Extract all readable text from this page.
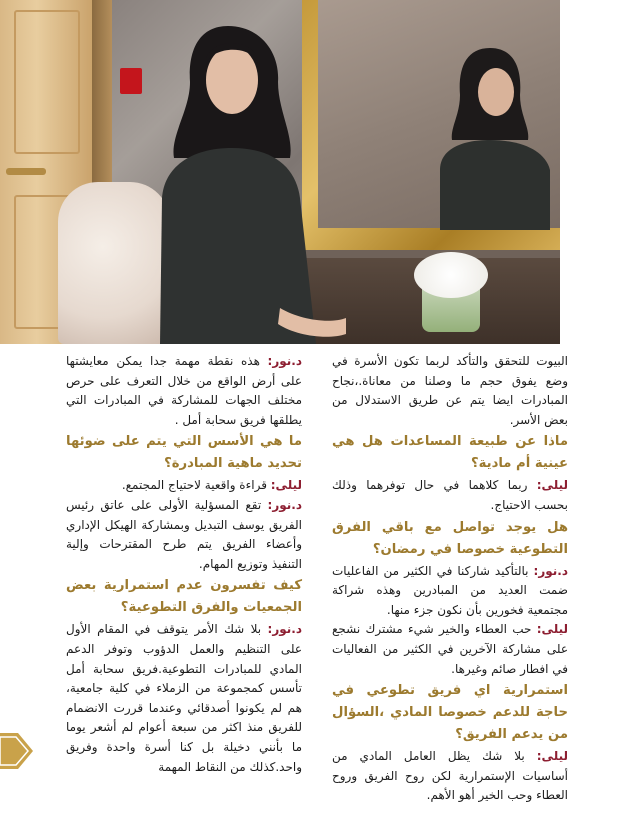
البيوت للتحقق والتأكد لربما تكون الأسرة في وضع يفوق حجم ما وصلنا من معاناة.،نجاح المبادرات ايضا يتم عن طريق الاستدلال من بعض الأسر.

ماذا عن طبيعة المساعدات هل هي عينية أم مادية؟

ليلى: ربما كلاهما في حال توفرهما وذلك بحسب الاحتياج.

هل يوجد تواصل مع باقي الفرق التطوعية خصوصا في رمضان؟

د.نور: بالتأكيد شاركنا في الكثير من الفاعليات ضمت العديد من المبادرين وهذه شراكة مجتمعية فخورين بأن نكون جزء منها.

ليلى: حب العطاء والخير شيء مشترك نشجع على مشاركة الآخرين في الكثير من الفعاليات في افطار صائم وغيرها.

استمرارية اي فريق تطوعي في حاجة للدعم خصوصا المادي ،السؤال من يدعم الفريق؟

ليلى: بلا شك يظل العامل المادي من أساسيات الإستمرارية لكن روح الفريق وروح العطاء وحب الخير أهو الأهم.

د.نور: هذه نقطة مهمة جدا يمكن معايشتها على أرض الواقع من خلال التعرف على حرص مختلف الجهات للمشاركة في المبادرات التي يطلقها فريق سحابة أمل .

ما هي الأسس التي يتم على ضوئها تحديد ماهية المبادرة؟

ليلى: قراءة واقعية لاحتياج المجتمع.

د.نور: تقع المسؤلية الأولى على عاتق رئيس الفريق يوسف التبديل وبمشاركة الهيكل الإداري وأعضاء الفريق يتم طرح المقترحات وإلية التنفيذ وتوزيع المهام.

كيف تفسرون عدم استمرارية بعض الجمعيات والفرق التطوعية؟

د.نور: بلا شك الأمر يتوقف في المقام الأول على التنظيم والعمل الدؤوب وتوفر الدعم المادي للمبادرات التطوعية.فريق سحابة أمل تأسس كمجموعة من الزملاء في كلية جامعية، هم لم يكونوا أصدقائي وعندما قررت الانضمام للفريق منذ اكثر من سبعة أعوام لم أشعر يوما ما بأنني دخيلة بل كنا أسرة واحدة وفريق واحد.كذلك من النقاط المهمة
